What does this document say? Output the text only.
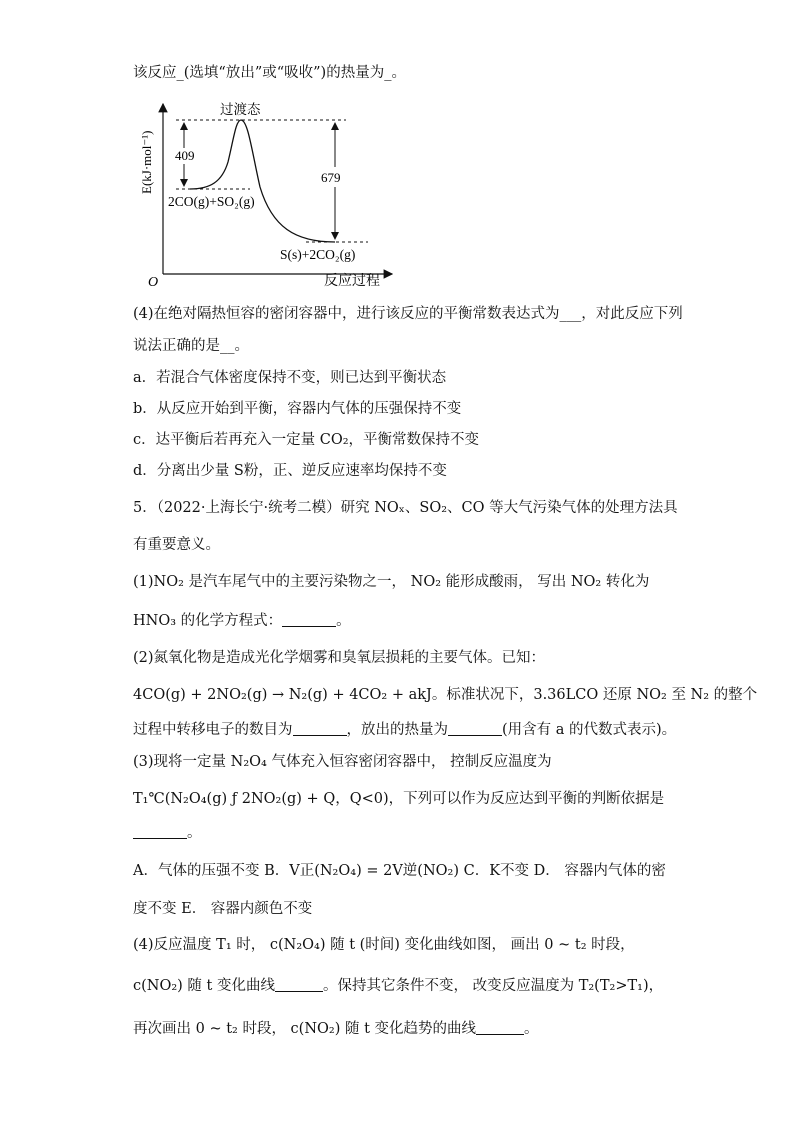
该反应_(选填“放出”或“吸收”)的热量为_。
E(kJ·mol⁻¹)
O	反应过程
409
679
过渡态
2CO(g)+SO₂(g)
S(s)+2CO₂(g)
(4)在绝对隔热恒容的密闭容器中，进行该反应的平衡常数表达式为___，对此反应下列
说法正确的是__。
a．若混合气体密度保持不变，则已达到平衡状态
b．从反应开始到平衡，容器内气体的压强保持不变
c．达平衡后若再充入一定量 CO₂，平衡常数保持不变
d．分离出少量 S粉，正、逆反应速率均保持不变
5．（2022·上海长宁·统考二模）研究 NOₓ、SO₂、CO 等大气污染气体的处理方法具
有重要意义。
(1)NO₂ 是汽车尾气中的主要污染物之一， NO₂ 能形成酸雨， 写出 NO₂ 转化为
HNO₃ 的化学方程式：	。
(2)氮氧化物是造成光化学烟雾和臭氧层损耗的主要气体。已知：
4CO(g) + 2NO₂(g) → N₂(g) + 4CO₂ + akJ。标准状况下，3.36LCO 还原 NO₂ 至 N₂ 的整个
过程中转移电子的数目为	，放出的热量为	(用含有 a 的代数式表示)。
(3)现将一定量 N₂O₄ 气体充入恒容密闭容器中， 控制反应温度为
T₁℃(N₂O₄(g) ƒ 2NO₂(g) + Q，Q<0)，下列可以作为反应达到平衡的判断依据是
。
A．气体的压强不变 B．V正(N₂O₄) = 2V逆(NO₂) C．K不变 D． 容器内气体的密
度不变 E． 容器内颜色不变
(4)反应温度 T₁ 时， c(N₂O₄) 随 t (时间) 变化曲线如图， 画出 0 ~ t₂ 时段，
c(NO₂) 随 t 变化曲线	。保持其它条件不变， 改变反应温度为 T₂(T₂>T₁)，
再次画出 0 ~ t₂ 时段， c(NO₂) 随 t 变化趋势的曲线	。
